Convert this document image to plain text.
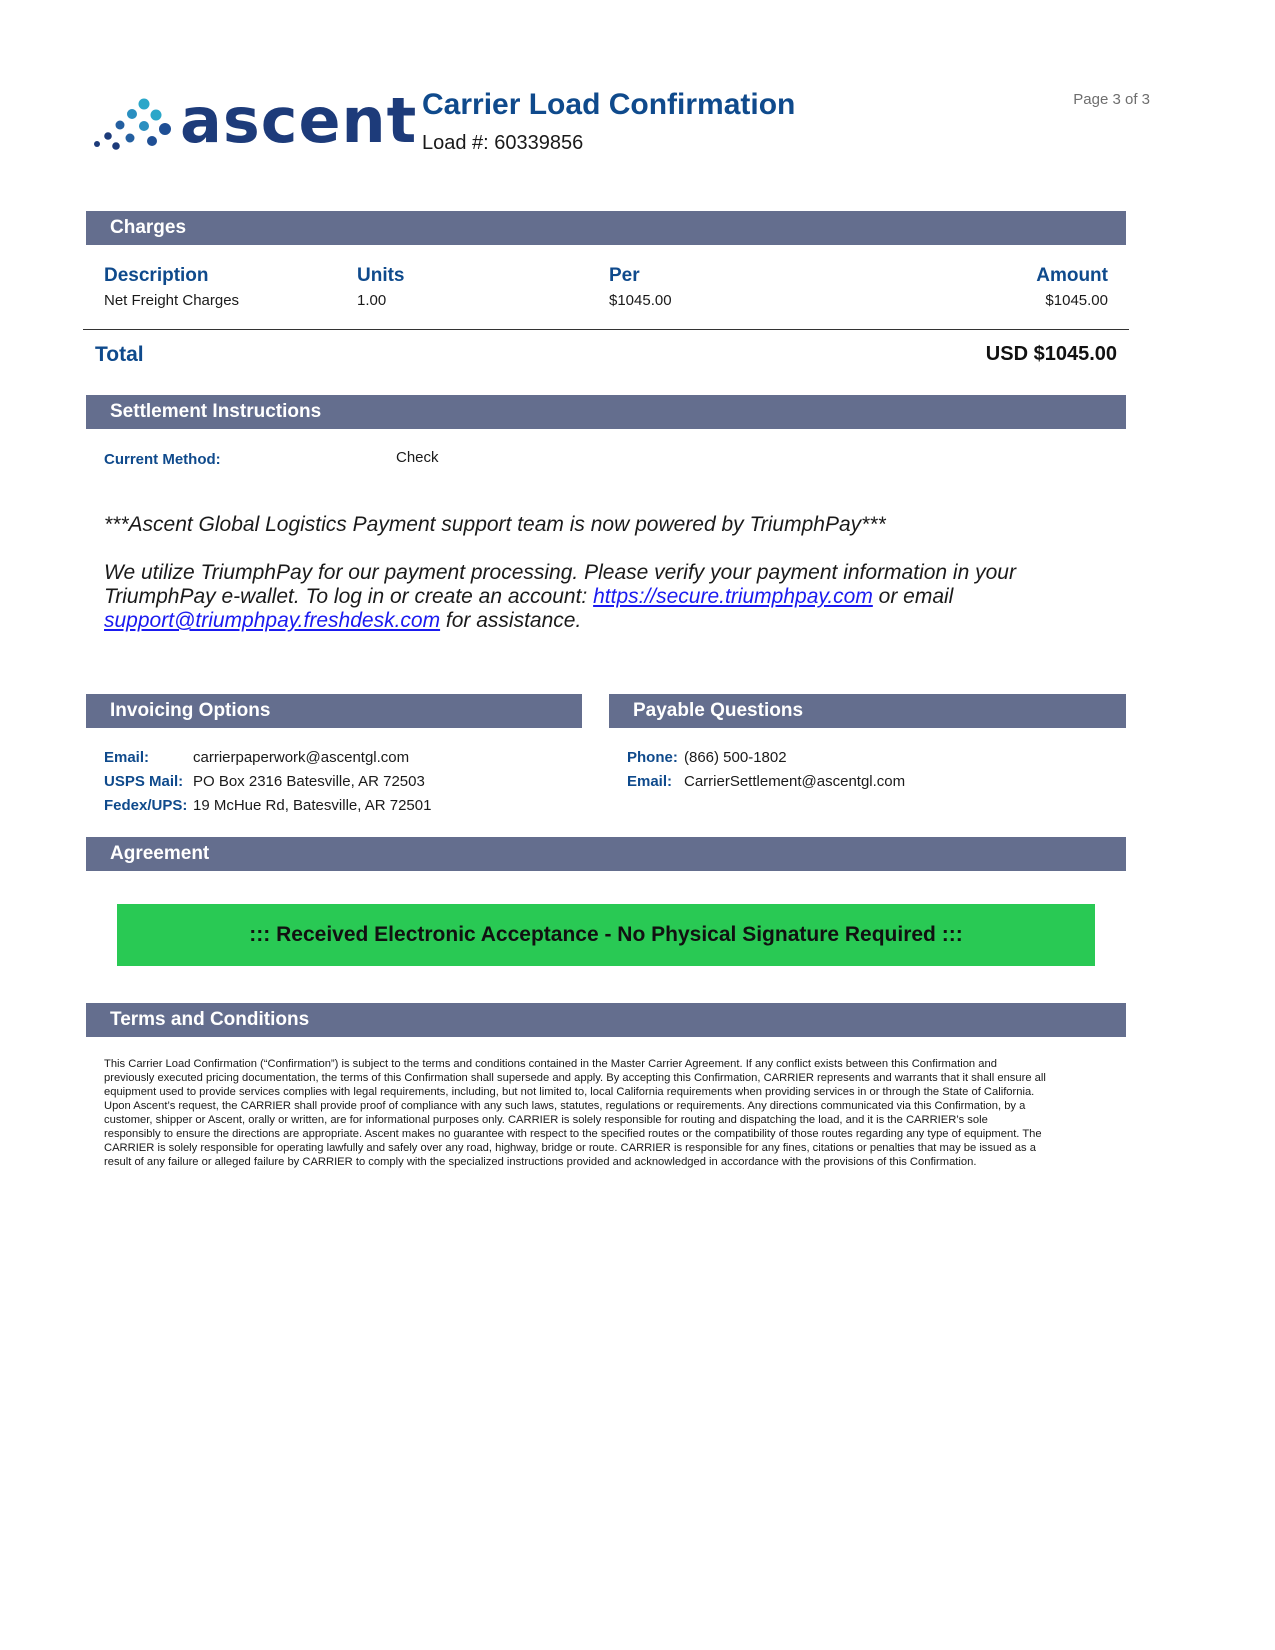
ascent Carrier Load Confirmation
Load #: 60339856
Page 3 of 3
Charges
Description	Units	Per	Amount
Net Freight Charges	1.00	$1045.00	$1045.00
Total	USD $1045.00
Settlement Instructions
Current Method:	Check
***Ascent Global Logistics Payment support team is now powered by TriumphPay***
We utilize TriumphPay for our payment processing. Please verify your payment information in your
TriumphPay e-wallet. To log in or create an account: https://secure.triumphpay.com or email
support@triumphpay.freshdesk.com for assistance.
Invoicing Options
Email:	carrierpaperwork@ascentgl.com
USPS Mail: PO Box 2316 Batesville, AR 72503
Fedex/UPS: 19 McHue Rd, Batesville, AR 72501
Payable Questions
Phone: (866) 500-1802
Email: CarrierSettlement@ascentgl.com
Agreement
::: Received Electronic Acceptance - No Physical Signature Required :::
Terms and Conditions
This Carrier Load Confirmation (“Confirmation”) is subject to the terms and conditions contained in the Master Carrier Agreement. If any conflict exists between this Confirmation and
previously executed pricing documentation, the terms of this Confirmation shall supersede and apply. By accepting this Confirmation, CARRIER represents and warrants that it shall ensure all
equipment used to provide services complies with legal requirements, including, but not limited to, local California requirements when providing services in or through the State of California.
Upon Ascent’s request, the CARRIER shall provide proof of compliance with any such laws, statutes, regulations or requirements. Any directions communicated via this Confirmation, by a
customer, shipper or Ascent, orally or written, are for informational purposes only. CARRIER is solely responsible for routing and dispatching the load, and it is the CARRIER’s sole
responsibly to ensure the directions are appropriate. Ascent makes no guarantee with respect to the specified routes or the compatibility of those routes regarding any type of equipment. The
CARRIER is solely responsible for operating lawfully and safely over any road, highway, bridge or route. CARRIER is responsible for any fines, citations or penalties that may be issued as a
result of any failure or alleged failure by CARRIER to comply with the specialized instructions provided and acknowledged in accordance with the provisions of this Confirmation.
